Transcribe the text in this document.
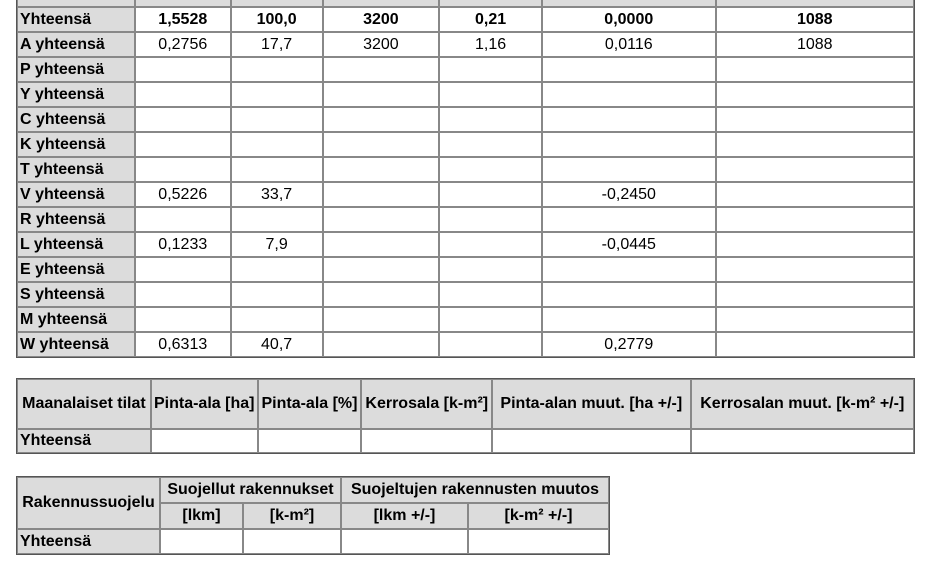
Yhteensä	1,5528	100,0	3200	0,21	0,0000	1088
A yhteensä	0,2756	17,7	3200	1,16	0,0116	1088
P yhteensä						
Y yhteensä						
C yhteensä						
K yhteensä						
T yhteensä						
V yhteensä	0,5226	33,7			-0,2450	
R yhteensä						
L yhteensä	0,1233	7,9			-0,0445	
E yhteensä						
S yhteensä						
M yhteensä						
W yhteensä	0,6313	40,7			0,2779	
Maanalaiset tilat	Pinta-ala [ha]	Pinta-ala [%]	Kerrosala [k-m²]	Pinta-alan muut. [ha +/-]	Kerrosalan muut. [k-m² +/-]
Yhteensä					
Rakennussuojelu	Suojellut rakennukset		Suojeltujen rakennusten muutos	
	[lkm]	[k-m²]	[lkm +/-]	[k-m² +/-]
Yhteensä				
